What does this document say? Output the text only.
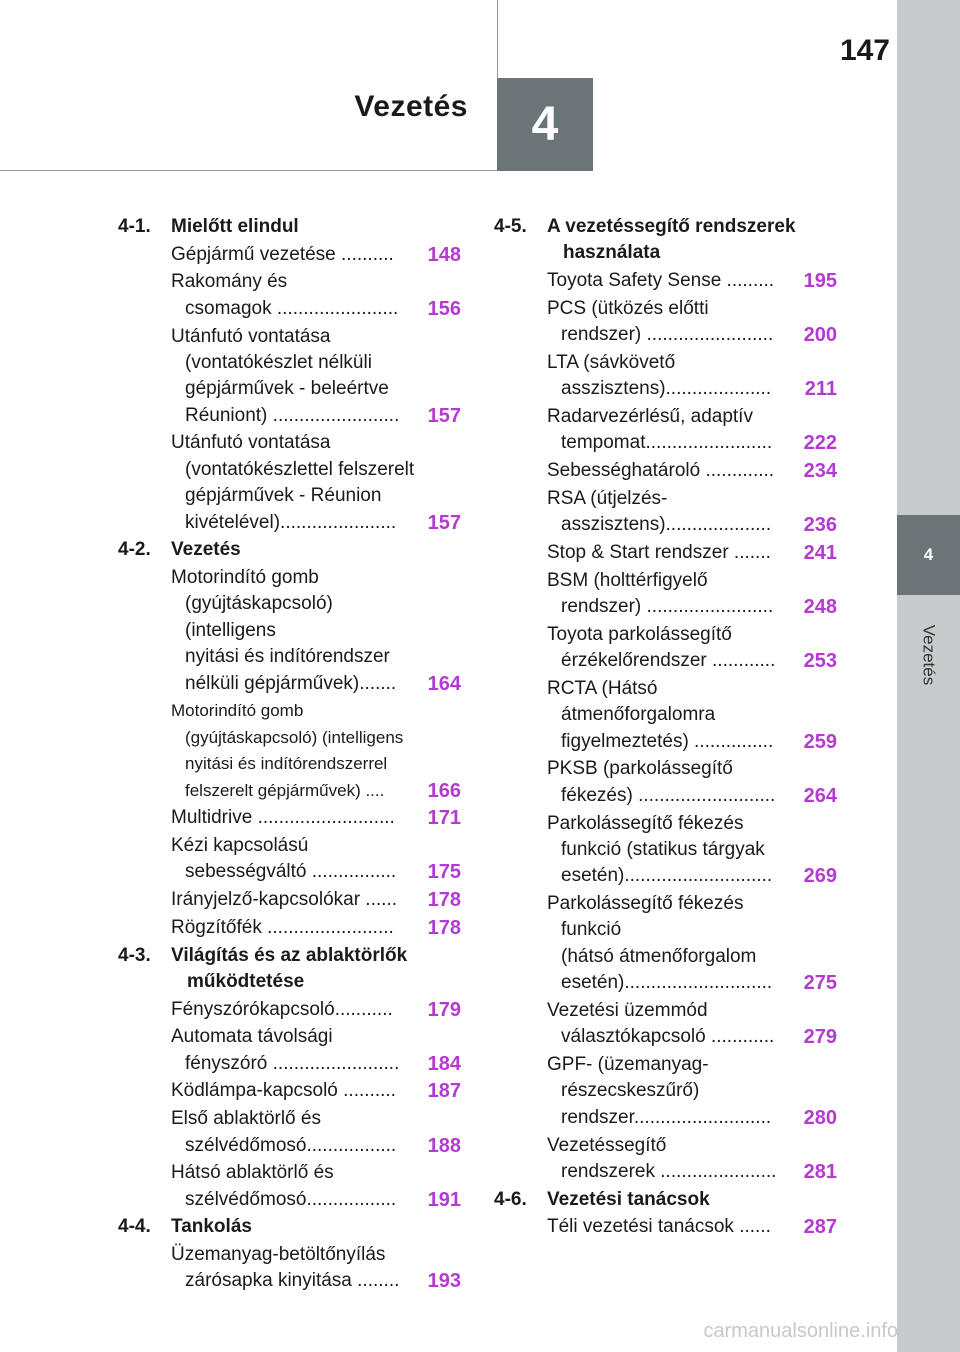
147
Vezetés	4
4
Vezetés
4-1.	Mielőtt elindul
Gépjármű vezetése ..........	148
Rakomány és
csomagok .......................	156
Utánfutó vontatása
(vontatókészlet nélküli
gépjárművek - beleértve
Réuniont) ........................	157
Utánfutó vontatása
(vontatókészlettel felszerelt
gépjárművek - Réunion
kivételével)......................	157
4-2.	Vezetés
Motorindító gomb
(gyújtáskapcsoló) (intelligens
nyitási és indítórendszer
nélküli gépjárművek).......	164
Motorindító gomb
(gyújtáskapcsoló) (intelligens
nyitási és indítórendszerrel
felszerelt gépjárművek) ....	166
Multidrive ..........................	171
Kézi kapcsolású
sebességváltó ................	175
Irányjelző-kapcsolókar ......	178
Rögzítőfék ........................	178
4-3.	Világítás és az ablaktörlők működtetése
Fényszórókapcsoló...........	179
Automata távolsági
fényszóró ........................	184
Ködlámpa-kapcsoló ..........	187
Első ablaktörlő és
szélvédőmosó.................	188
Hátsó ablaktörlő és
szélvédőmosó.................	191
4-4.	Tankolás
Üzemanyag-betöltőnyílás
zárósapka kinyitása ........	193
4-5.	A vezetéssegítő rendszerek használata
Toyota Safety Sense .........	195
PCS (ütközés előtti
rendszer) ........................	200
LTA (sávkövető
asszisztens)....................	211
Radarvezérlésű, adaptív
tempomat........................	222
Sebességhatároló .............	234
RSA (útjelzés-
asszisztens)....................	236
Stop & Start rendszer .......	241
BSM (holttérfigyelő
rendszer) ........................	248
Toyota parkolássegítő
érzékelőrendszer ............	253
RCTA (Hátsó
átmenőforgalomra
figyelmeztetés) ...............	259
PKSB (parkolássegítő
fékezés) ..........................	264
Parkolássegítő fékezés
funkció (statikus tárgyak
esetén)............................	269
Parkolássegítő fékezés funkció
(hátsó átmenőforgalom
esetén)............................	275
Vezetési üzemmód
választókapcsoló ............	279
GPF- (üzemanyag-
részecskeszűrő)
rendszer..........................	280
Vezetéssegítő
rendszerek ......................	281
4-6.	Vezetési tanácsok
Téli vezetési tanácsok ......	287
carmanualsonline.info
